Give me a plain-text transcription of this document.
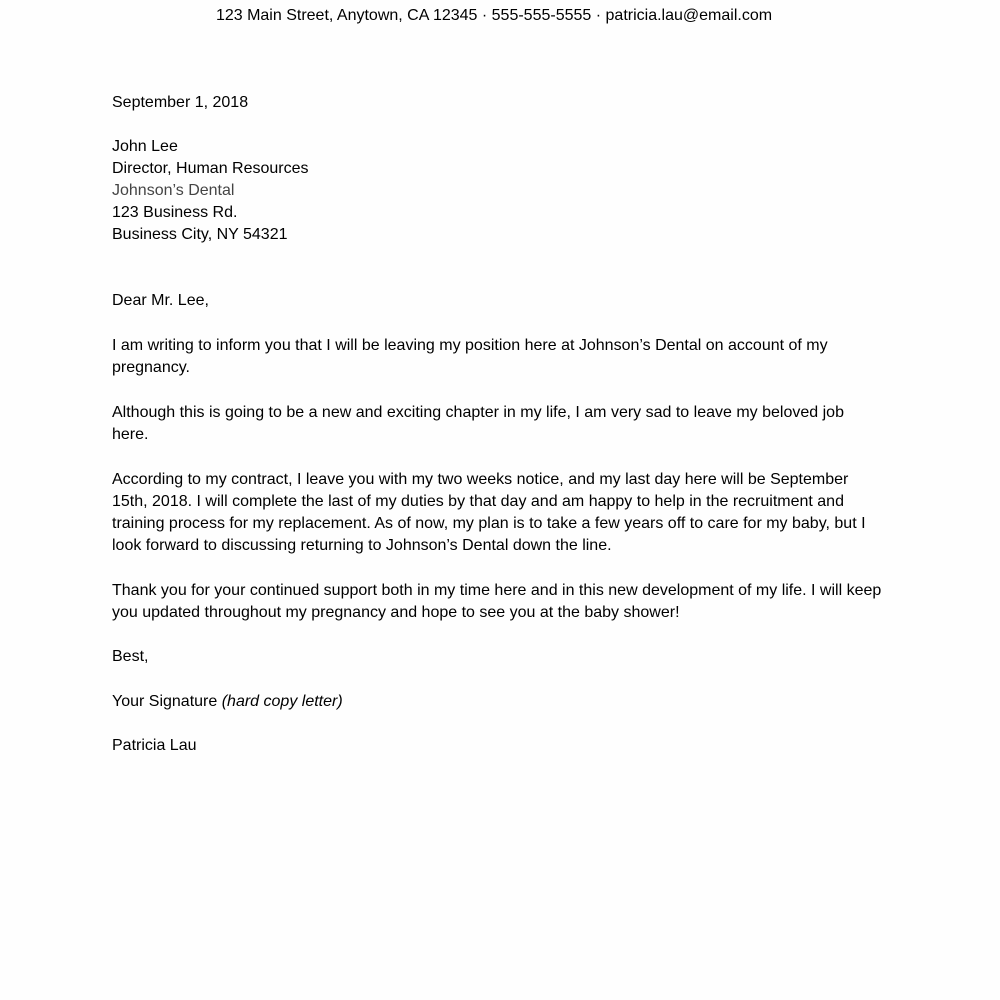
123 Main Street, Anytown, CA 12345 · 555-555-5555 · patricia.lau@email.com
September 1, 2018
John Lee
Director, Human Resources
Johnson’s Dental
123 Business Rd.
Business City, NY 54321
Dear Mr. Lee,

I am writing to inform you that I will be leaving my position here at Johnson’s Dental on account of my pregnancy.

Although this is going to be a new and exciting chapter in my life, I am very sad to leave my beloved job here.

According to my contract, I leave you with my two weeks notice, and my last day here will be September 15th, 2018. I will complete the last of my duties by that day and am happy to help in the recruitment and training process for my replacement. As of now, my plan is to take a few years off to care for my baby, but I look forward to discussing returning to Johnson’s Dental down the line.

Thank you for your continued support both in my time here and in this new development of my life. I will keep you updated throughout my pregnancy and hope to see you at the baby shower!

Best,
Your Signature (hard copy letter)
Patricia Lau
